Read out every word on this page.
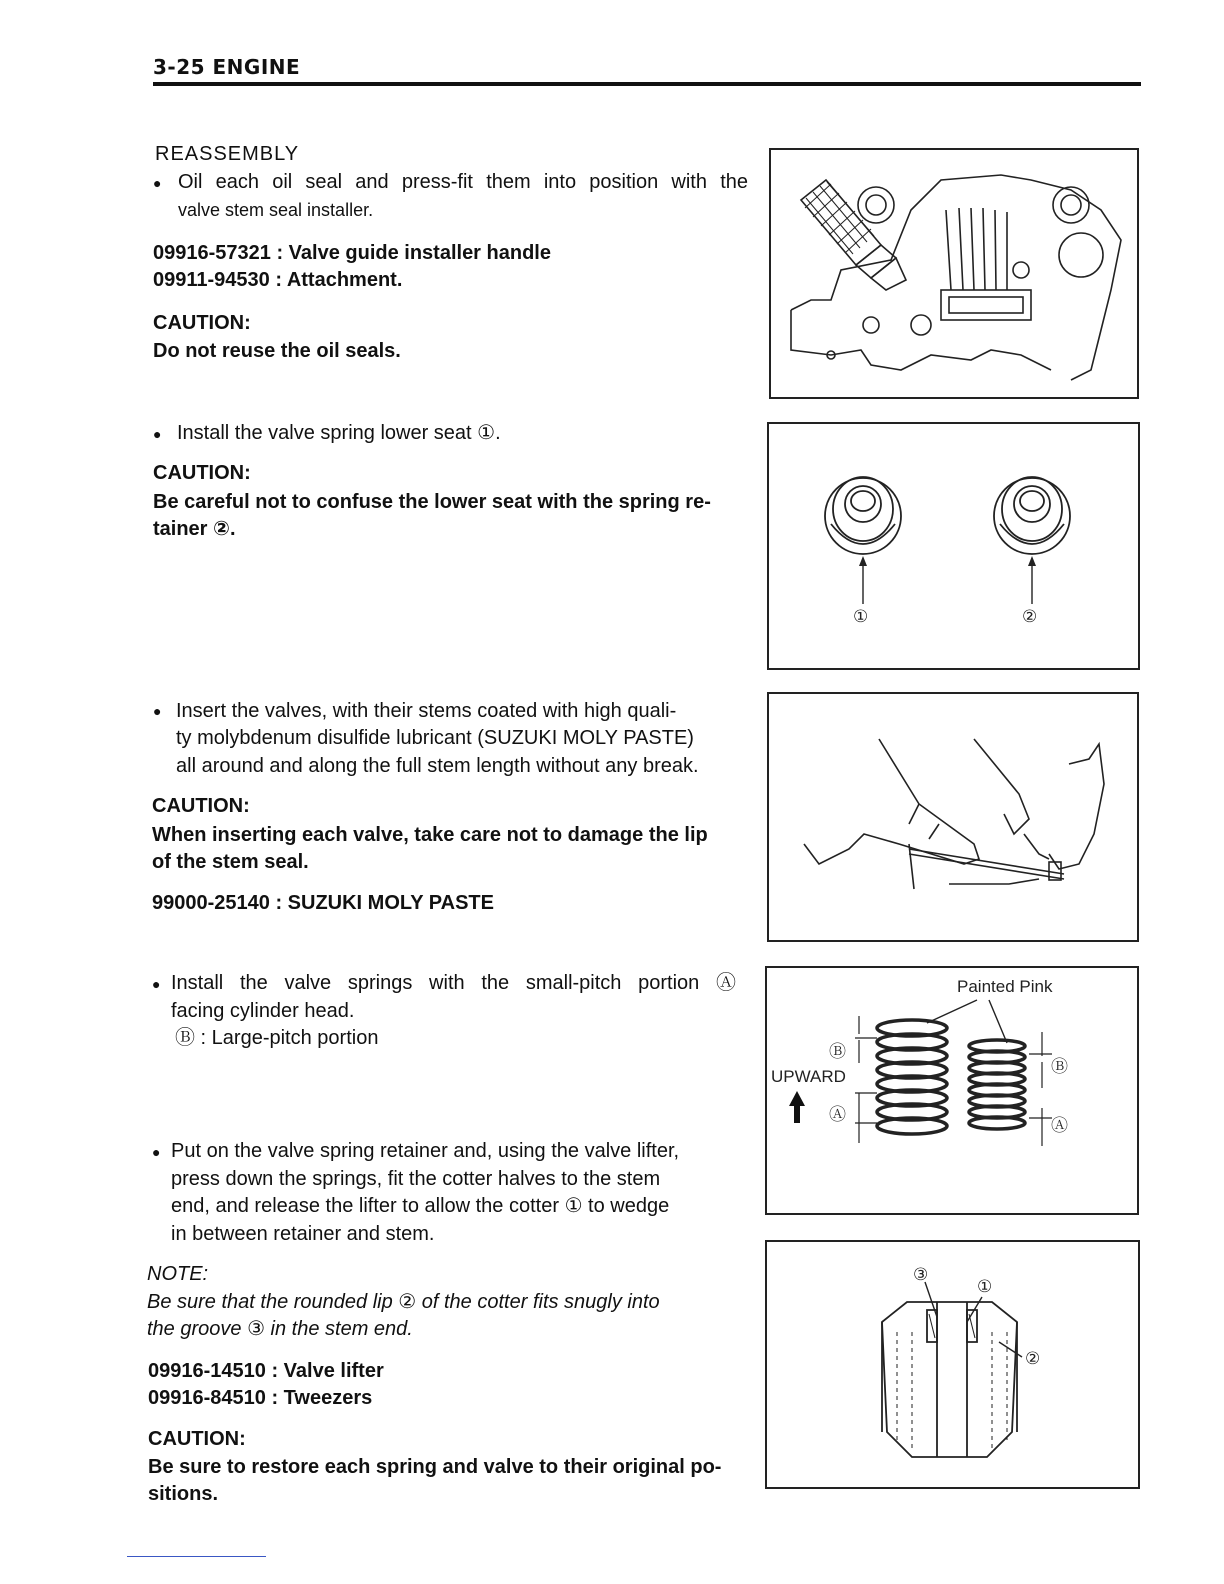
3-25 ENGINE
REASSEMBLY
● Oil each oil seal and press-fit them into position with the
valve stem seal installer.
09916-57321 : Valve guide installer handle
09911-94530 : Attachment.
CAUTION:
Do not reuse the oil seals.
● Install the valve spring lower seat ①.
CAUTION:
Be careful not to confuse the lower seat with the spring re-
tainer ②.
● Insert the valves, with their stems coated with high quali-
ty molybdenum disulfide lubricant (SUZUKI MOLY PASTE)
all around and along the full stem length without any break.
CAUTION:
When inserting each valve, take care not to damage the lip
of the stem seal.
99000-25140 : SUZUKI MOLY PASTE
● Install the valve springs with the small-pitch portion Ⓐ
facing cylinder head.
Ⓑ : Large-pitch portion
● Put on the valve spring retainer and, using the valve lifter,
press down the springs, fit the cotter halves to the stem
end, and release the lifter to allow the cotter ① to wedge
in between retainer and stem.
NOTE:
Be sure that the rounded lip ② of the cotter fits snugly into
the groove ③ in the stem end.
09916-14510 : Valve lifter
09916-84510 : Tweezers
CAUTION:
Be sure to restore each spring and valve to their original po-
sitions.
①	②
Painted Pink
Ⓑ
UPWARD
Ⓐ
Ⓑ
Ⓐ
③
①
②
